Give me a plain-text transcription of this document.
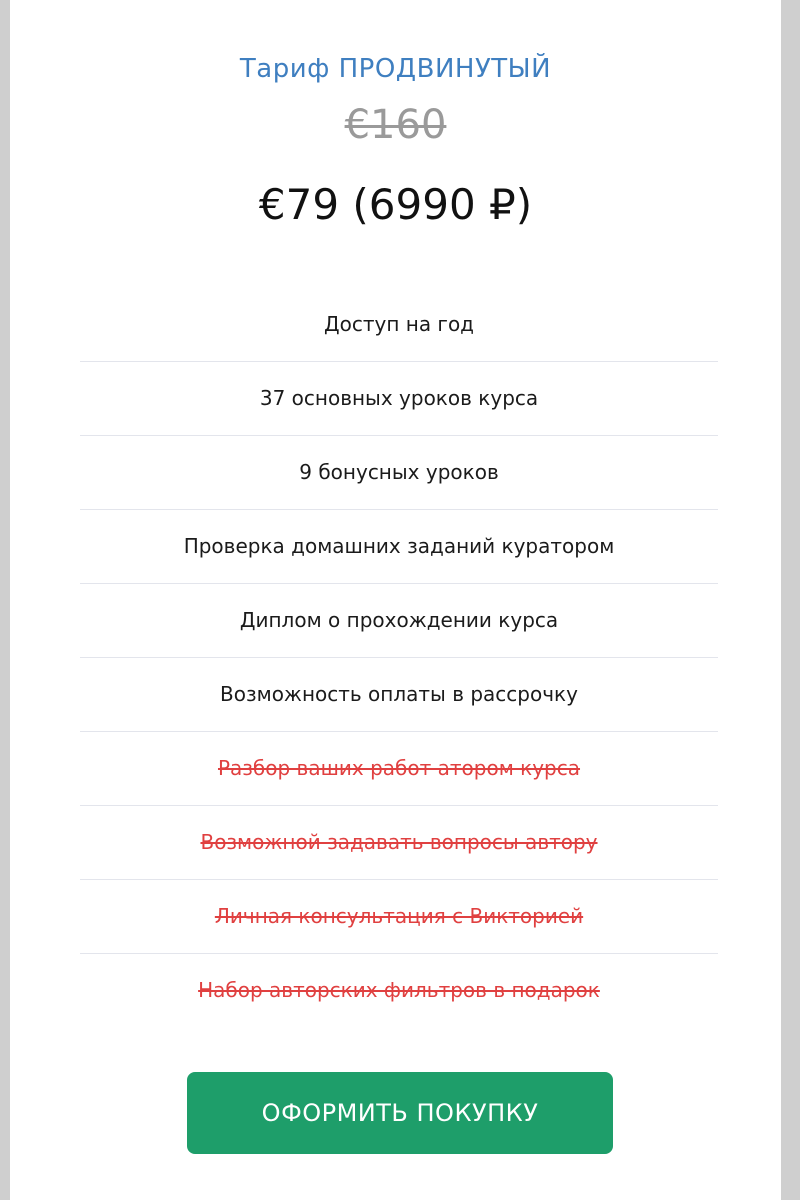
Тариф ПРОДВИНУТЫЙ
€160
€79 (6990 ₽)
Доступ на год
37 основных уроков курса
9 бонусных уроков
Проверка домашних заданий куратором
Диплом о прохождении курса
Возможность оплаты в рассрочку
Разбор ваших работ атором курса
Возможной задавать вопросы автору
Личная консультация с Викторией
Набор авторских фильтров в подарок
ОФОРМИТЬ ПОКУПКУ
